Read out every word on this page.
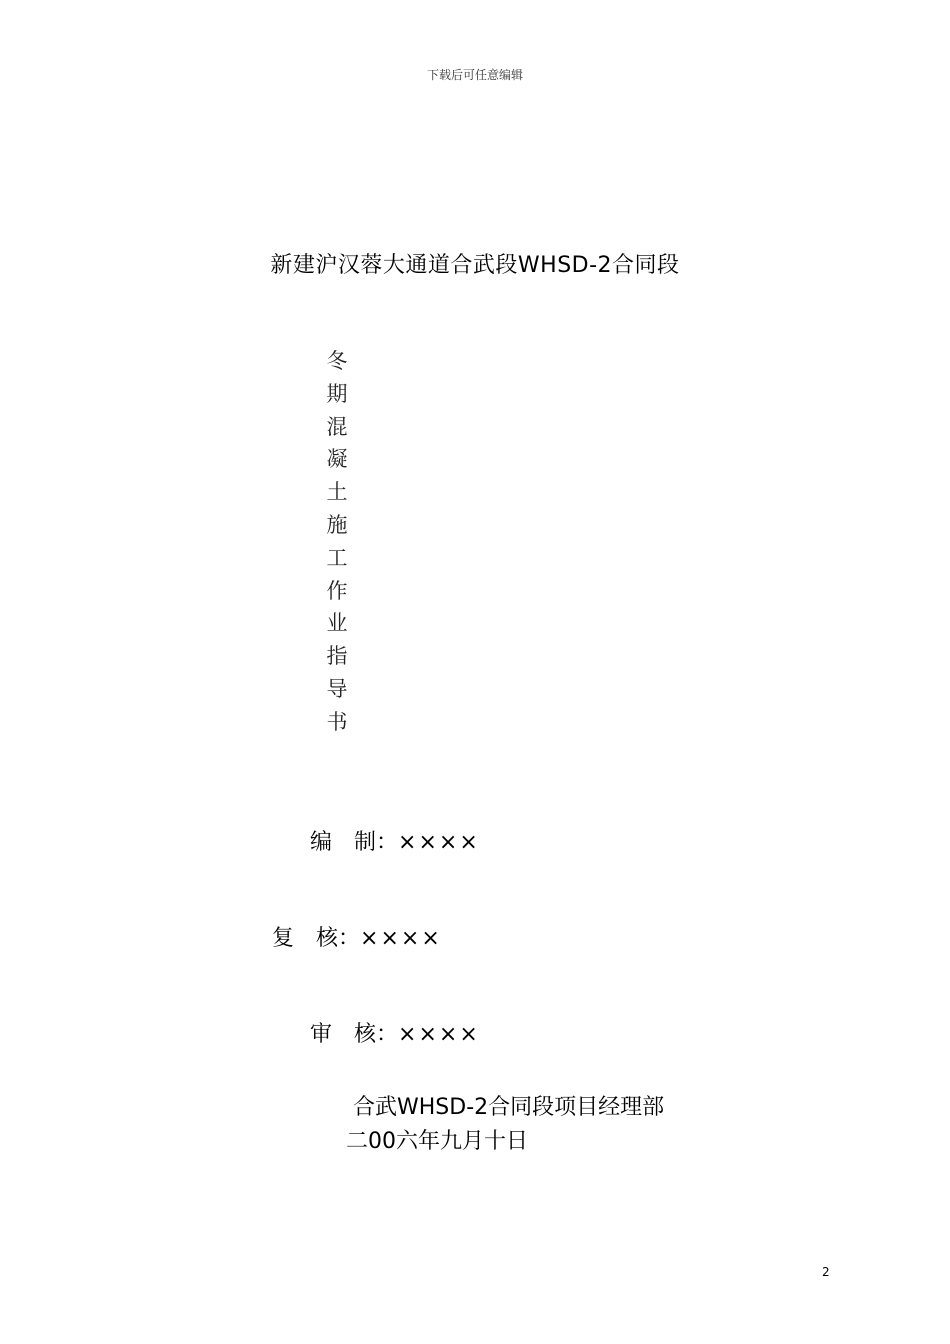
下载后可任意编辑
新建沪汉蓉大通道合武段WHSD-2合同段
冬
期
混
凝
土
施
工
作
业
指
导
书

编　制：××××

复　核：××××

审　核：××××

合武WHSD-2合同段项目经理部
二00六年九月十日
2
